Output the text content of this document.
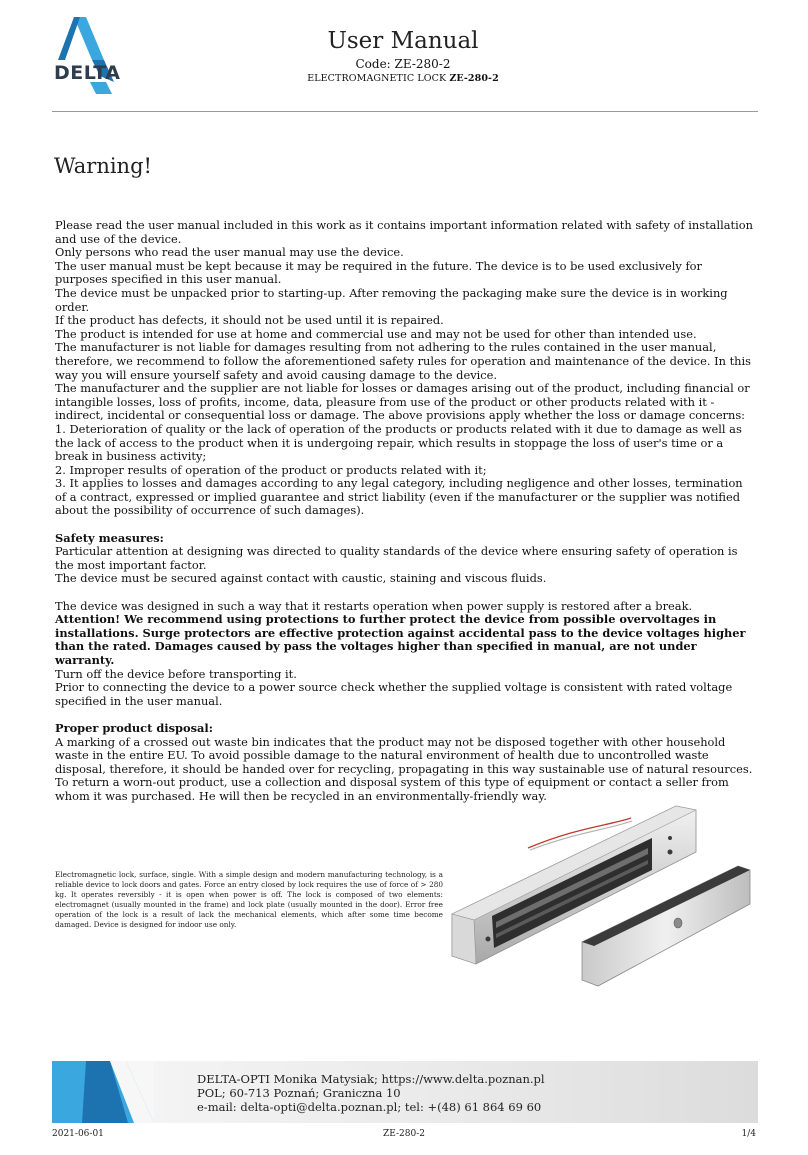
DELTA
User Manual
Code: ZE-280-2
ELECTROMAGNETIC LOCK ZE-280-2
Warning!

Please read the user manual included in this work as it contains important information related with safety of installation and use of the device.

Only persons who read the user manual may use the device.

The user manual must be kept because it may be required in the future. The device is to be used exclusively for purposes specified in this user manual.

The device must be unpacked prior to starting-up. After removing the packaging make sure the device is in working order.

If the product has defects, it should not be used until it is repaired.

The product is intended for use at home and commercial use and may not be used for other than intended use.

The manufacturer is not liable for damages resulting from not adhering to the rules contained in the user manual, therefore, we recommend to follow the aforementioned safety rules for operation and maintenance of the device. In this way you will ensure yourself safety and avoid causing damage to the device.

The manufacturer and the supplier are not liable for losses or damages arising out of the product, including financial or intangible losses, loss of profits, income, data, pleasure from use of the product or other products related with it - indirect, incidental or consequential loss or damage. The above provisions apply whether the loss or damage concerns:

1. Deterioration of quality or the lack of operation of the products or products related with it due to damage as well as the lack of access to the product when it is undergoing repair, which results in stoppage the loss of user's time or a break in business activity;

2. Improper results of operation of the product or products related with it;

3. It applies to losses and damages according to any legal category, including negligence and other losses, termination of a contract, expressed or implied guarantee and strict liability (even if the manufacturer or the supplier was notified about the possibility of occurrence of such damages).

Safety measures:

Particular attention at designing was directed to quality standards of the device where ensuring safety of operation is the most important factor.

The device must be secured against contact with caustic, staining and viscous fluids.

The device was designed in such a way that it restarts operation when power supply is restored after a break.

Attention! We recommend using protections to further protect the device from possible overvoltages in installations. Surge protectors are effective protection against accidental pass to the device voltages higher than the rated. Damages caused by pass the voltages higher than specified in manual, are not under warranty.

Turn off the device before transporting it.

Prior to connecting the device to a power source check whether the supplied voltage is consistent with rated voltage specified in the user manual.

Proper product disposal:

A marking of a crossed out waste bin indicates that the product may not be disposed together with other household waste in the entire EU. To avoid possible damage to the natural environment of health due to uncontrolled waste disposal, therefore, it should be handed over for recycling, propagating in this way sustainable use of natural resources.

To return a worn-out product, use a collection and disposal system of this type of equipment or contact a seller from whom it was purchased. He will then be recycled in an environmentally-friendly way.

Electromagnetic lock, surface, single. With a simple design and modern manufacturing technology, is a reliable device to lock doors and gates. Force an entry closed by lock requires the use of force of > 280 kg. It operates reversibly - it is open when power is off. The lock is composed of two elements: electromagnet (usually mounted in the frame) and lock plate (usually mounted in the door). Error free operation of the lock is a result of lack the mechanical elements, which after some time become damaged. Device is designed for indoor use only.
DELTA-OPTI Monika Matysiak; https://www.delta.poznan.pl
POL; 60-713 Poznań; Graniczna 10
e-mail: delta-opti@delta.poznan.pl; tel: +(48) 61 864 69 60
2021-06-01	ZE-280-2	1/4
